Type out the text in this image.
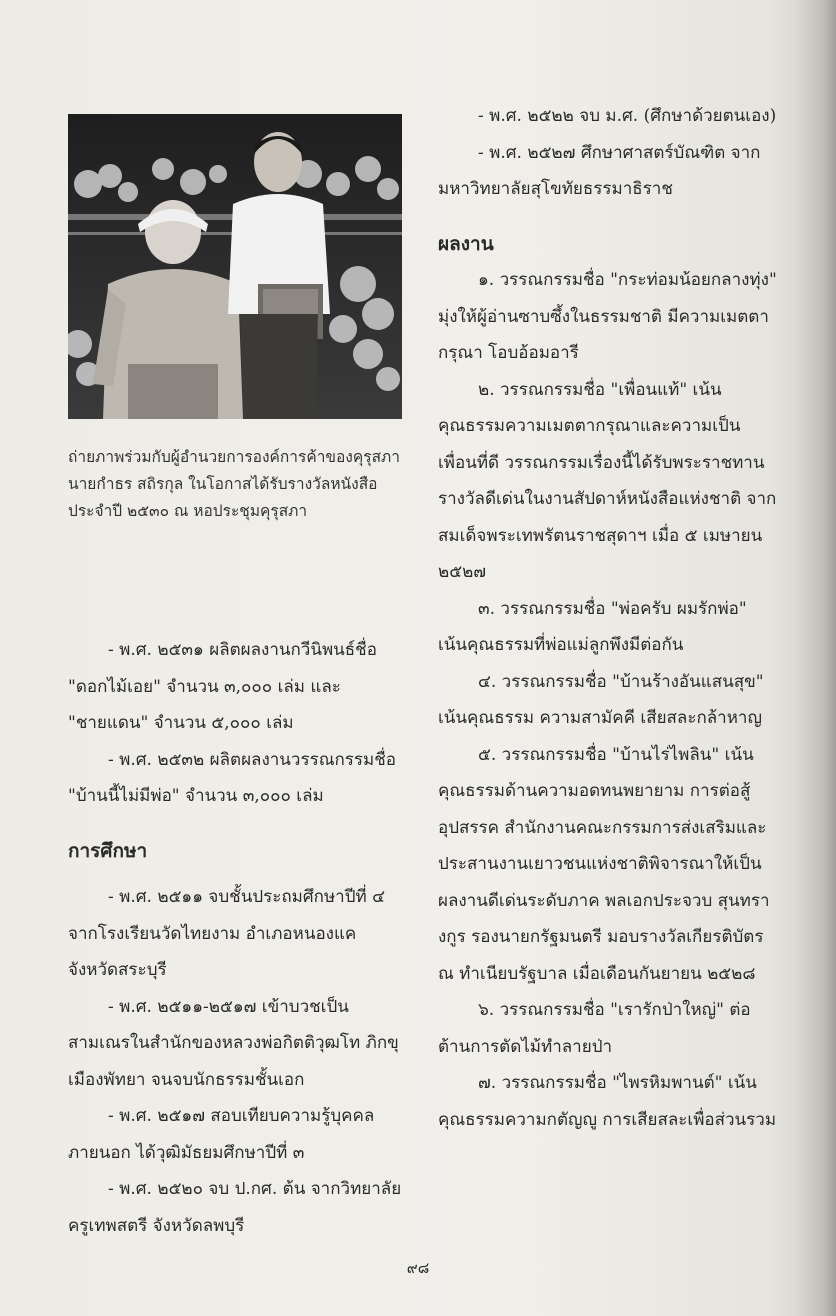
ถ่ายภาพร่วมกับผู้อำนวยการองค์การค้าของคุรุสภา
นายกำธร สถิรกุล ในโอกาสได้รับรางวัลหนังสือ
ประจำปี ๒๕๓๐ ณ หอประชุมคุรุสภา

- พ.ศ. ๒๕๓๑ ผลิตผลงานกวีนิพนธ์ชื่อ "ดอกไม้เอย" จำนวน ๓,๐๐๐ เล่ม และ "ชายแดน" จำนวน ๕,๐๐๐ เล่ม

- พ.ศ. ๒๕๓๒ ผลิตผลงานวรรณกรรมชื่อ "บ้านนี้ไม่มีพ่อ" จำนวน ๓,๐๐๐ เล่ม

การศึกษา

- พ.ศ. ๒๕๑๑ จบชั้นประถมศึกษาปีที่ ๔ จากโรงเรียนวัดไทยงาม อำเภอหนองแค จังหวัดสระบุรี

- พ.ศ. ๒๕๑๑-๒๕๑๗ เข้าบวชเป็นสามเณรในสำนักของหลวงพ่อกิตติวุฒโท ภิกขุเมืองพัทยา จนจบนักธรรมชั้นเอก

- พ.ศ. ๒๕๑๗ สอบเทียบความรู้บุคคลภายนอก ได้วุฒิมัธยมศึกษาปีที่ ๓

- พ.ศ. ๒๕๒๐ จบ ป.กศ. ต้น จากวิทยาลัยครูเทพสตรี จังหวัดลพบุรี

- พ.ศ. ๒๕๒๒ จบ ม.ศ. (ศึกษาด้วยตนเอง)

- พ.ศ. ๒๕๒๗ ศึกษาศาสตร์บัณฑิต จากมหาวิทยาลัยสุโขทัยธรรมาธิราช

ผลงาน

๑. วรรณกรรมชื่อ "กระท่อมน้อยกลางทุ่ง" มุ่งให้ผู้อ่านซาบซึ้งในธรรมชาติ มีความเมตตา กรุณา โอบอ้อมอารี

๒. วรรณกรรมชื่อ "เพื่อนแท้" เน้นคุณธรรมความเมตตากรุณาและความเป็นเพื่อนที่ดี วรรณกรรมเรื่องนี้ได้รับพระราชทานรางวัลดีเด่นในงานสัปดาห์หนังสือแห่งชาติ จากสมเด็จพระเทพรัตนราชสุดาฯ เมื่อ ๕ เมษายน ๒๕๒๗

๓. วรรณกรรมชื่อ "พ่อครับ ผมรักพ่อ" เน้นคุณธรรมที่พ่อแม่ลูกพึงมีต่อกัน

๔. วรรณกรรมชื่อ "บ้านร้างอันแสนสุข" เน้นคุณธรรม ความสามัคคี เสียสละกล้าหาญ

๕. วรรณกรรมชื่อ "บ้านไร่ไพลิน" เน้นคุณธรรมด้านความอดทนพยายาม การต่อสู้อุปสรรค สำนักงานคณะกรรมการส่งเสริมและประสานงานเยาวชนแห่งชาติพิจารณาให้เป็นผลงานดีเด่นระดับภาค พลเอกประจวบ สุนทรางกูร รองนายกรัฐมนตรี มอบรางวัลเกียรติบัตร ณ ทำเนียบรัฐบาล เมื่อเดือนกันยายน ๒๕๒๘

๖. วรรณกรรมชื่อ "เรารักป่าใหญ่" ต่อต้านการตัดไม้ทำลายป่า

๗. วรรณกรรมชื่อ "ไพรหิมพานต์" เน้นคุณธรรมความกตัญญู การเสียสละเพื่อส่วนรวม

๙๘
